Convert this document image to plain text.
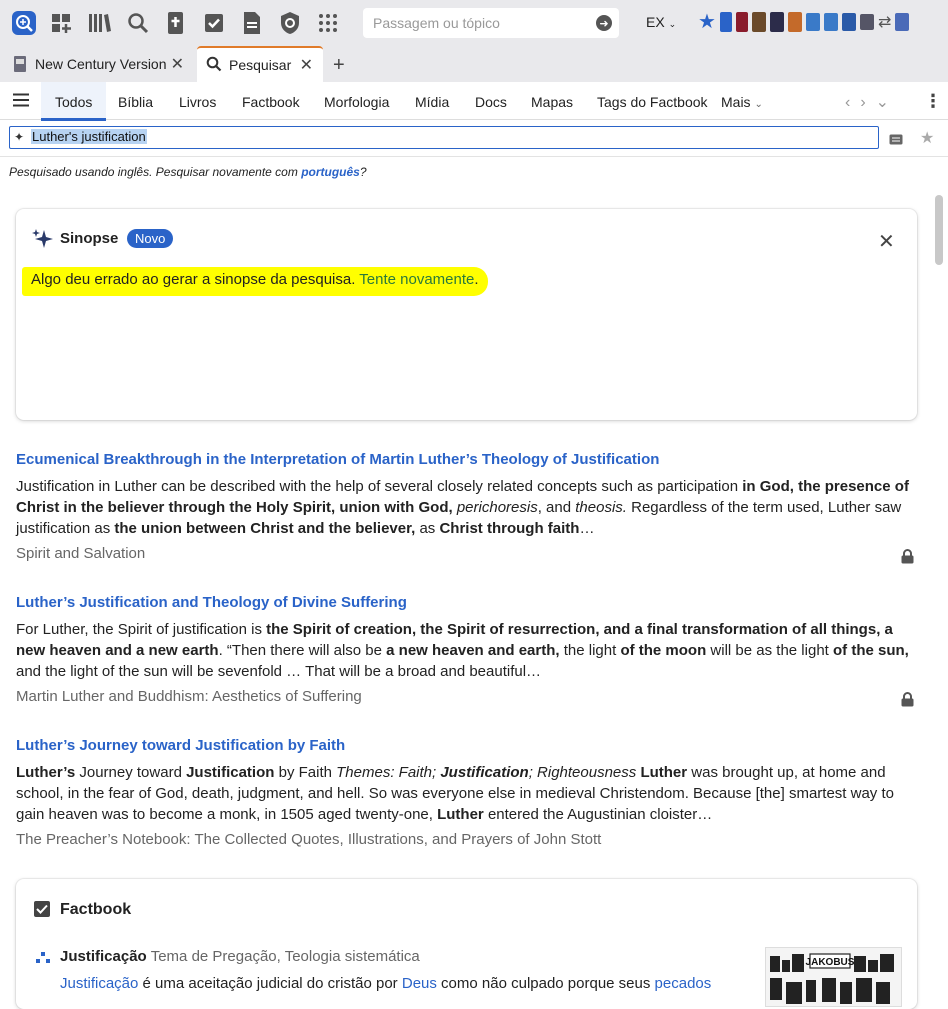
Passagem ou tópico	➜	EX ⌄ ★	⇄
New Century Version ✕	Pesquisar ✕ +
Todos	Bíblia Livros Factbook Morfologia Mídia Docs Mapas Tags do Factbook Mais ⌄	‹›⌄ ⋮
✦ Luther's justification	★
Pesquisado usando inglês. Pesquisar novamente com português?
Sinopse	Novo	✕
Algo deu errado ao gerar a sinopse da pesquisa. Tente novamente.
Ecumenical Breakthrough in the Interpretation of Martin Luther’s Theology of Justification
Justification in Luther can be described with the help of several closely related concepts such as participation in God, the presence of Christ in the believer through the Holy Spirit, union with God, perichoresis, and theosis. Regardless of the term used, Luther saw justification as the union between Christ and the believer, as Christ through faith…
Spirit and Salvation
Luther’s Justification and Theology of Divine Suffering
For Luther, the Spirit of justification is the Spirit of creation, the Spirit of resurrection, and a final transformation of all things, a new heaven and a new earth. “Then there will also be a new heaven and earth, the light of the moon will be as the light of the sun, and the light of the sun will be sevenfold … That will be a broad and beautiful…
Martin Luther and Buddhism: Aesthetics of Suffering
Luther’s Journey toward Justification by Faith
Luther’s Journey toward Justification by Faith Themes: Faith; Justification; Righteousness Luther was brought up, at home and school, in the fear of God, death, judgment, and hell. So was everyone else in medieval Christendom. Because [the] smartest way to gain heaven was to become a monk, in 1505 aged twenty-one, Luther entered the Augustinian cloister…
The Preacher’s Notebook: The Collected Quotes, Illustrations, and Prayers of John Stott
Factbook
Justificação Tema de Pregação, Teologia sistemática
Justificação é uma aceitação judicial do cristão por Deus como não culpado porque seus pecados
JAKOBUS
